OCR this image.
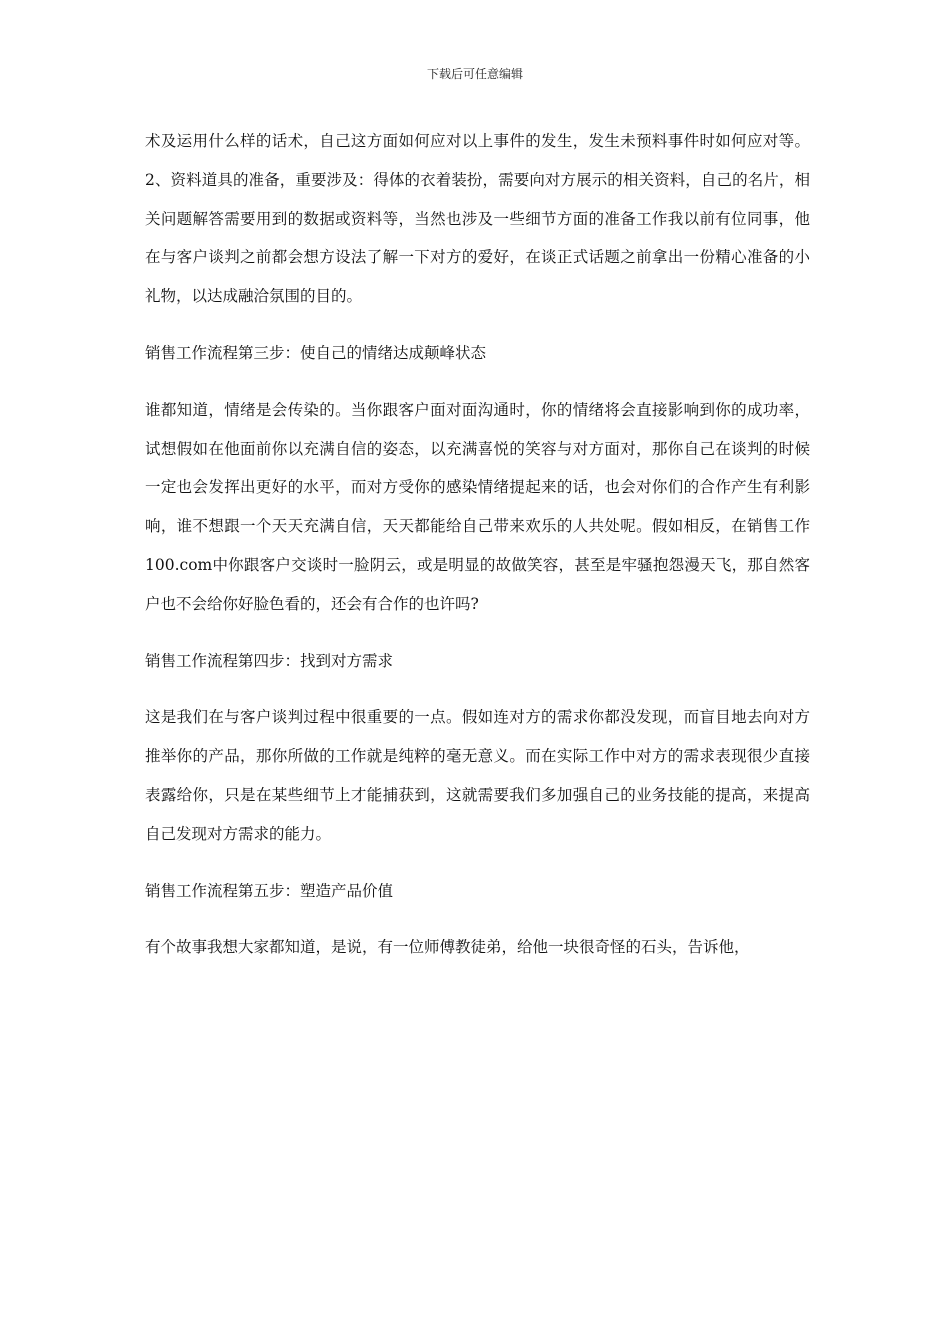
下载后可任意编辑

术及运用什么样的话术，自己这方面如何应对以上事件的发生，发生未预料事件时如何应对等。2、资料道具的准备，重要涉及：得体的衣着装扮，需要向对方展示的相关资料，自己的名片，相关问题解答需要用到的数据或资料等，当然也涉及一些细节方面的准备工作我以前有位同事，他在与客户谈判之前都会想方设法了解一下对方的爱好，在谈正式话题之前拿出一份精心准备的小礼物，以达成融洽氛围的目的。

销售工作流程第三步：使自己的情绪达成颠峰状态

谁都知道，情绪是会传染的。当你跟客户面对面沟通时，你的情绪将会直接影响到你的成功率，试想假如在他面前你以充满自信的姿态，以充满喜悦的笑容与对方面对，那你自己在谈判的时候一定也会发挥出更好的水平，而对方受你的感染情绪提起来的话，也会对你们的合作产生有利影响，谁不想跟一个天天充满自信，天天都能给自己带来欢乐的人共处呢。假如相反，在销售工作100.com中你跟客户交谈时一脸阴云，或是明显的故做笑容，甚至是牢骚抱怨漫天飞，那自然客户也不会给你好脸色看的，还会有合作的也许吗?

销售工作流程第四步：找到对方需求

这是我们在与客户谈判过程中很重要的一点。假如连对方的需求你都没发现，而盲目地去向对方推举你的产品，那你所做的工作就是纯粹的毫无意义。而在实际工作中对方的需求表现很少直接表露给你，只是在某些细节上才能捕获到，这就需要我们多加强自己的业务技能的提高，来提高自己发现对方需求的能力。

销售工作流程第五步：塑造产品价值

有个故事我想大家都知道，是说，有一位师傅教徒弟，给他一块很奇怪的石头，告诉他，
